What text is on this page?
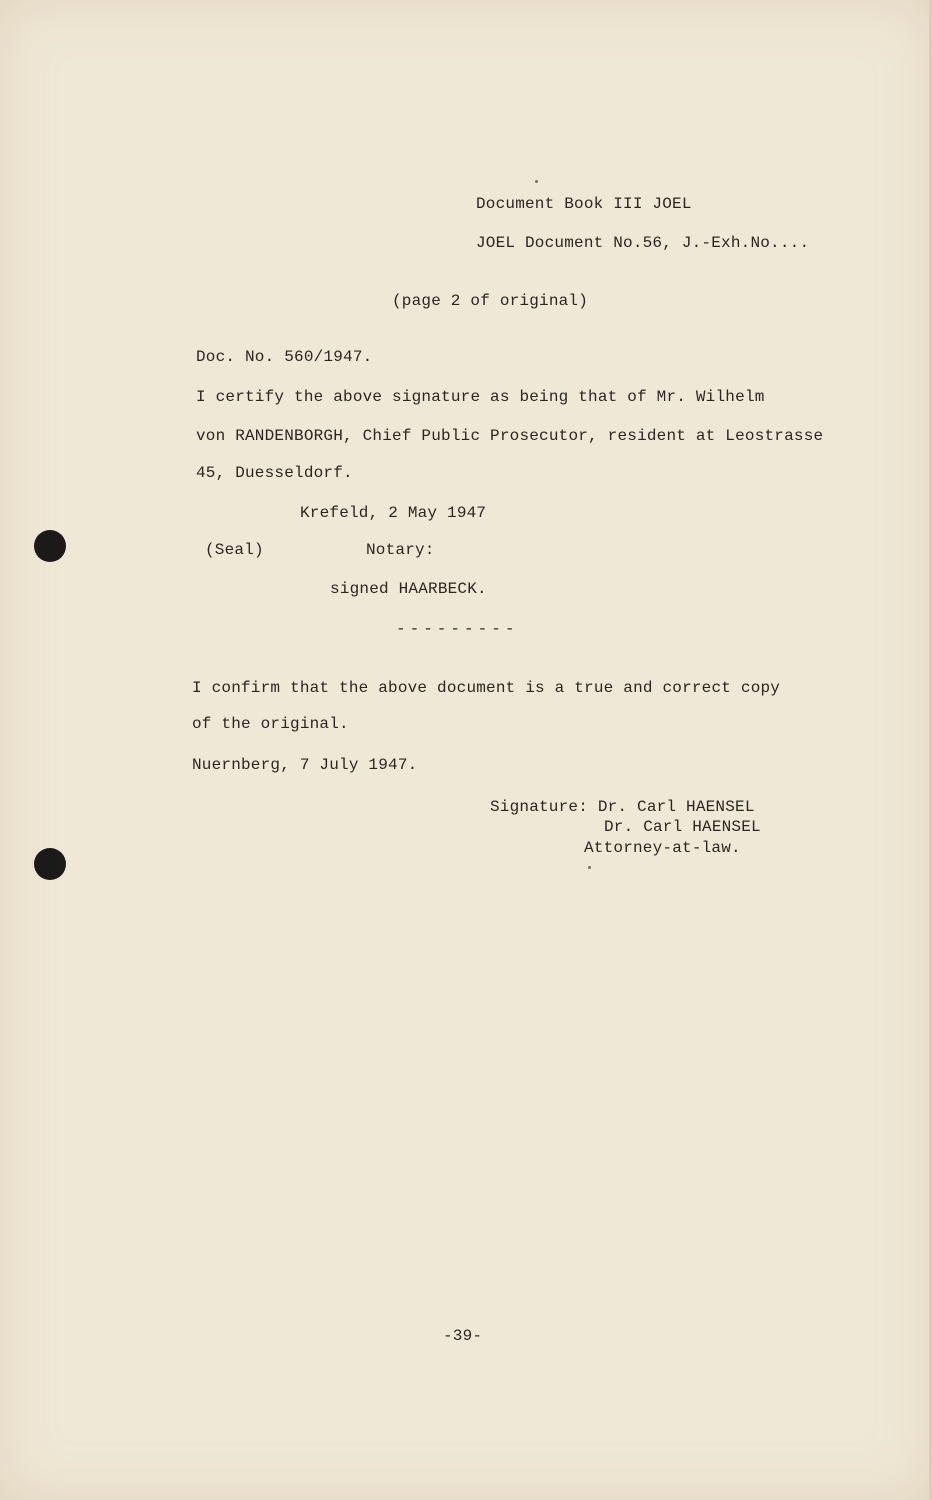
Document Book III JOEL
JOEL Document No.56, J.-Exh.No....
(page 2 of original)
Doc. No. 560/1947.
I certify the above signature as being that of Mr. Wilhelm
von RANDENBORGH, Chief Public Prosecutor, resident at Leostrasse
45, Duesseldorf.
Krefeld, 2 May 1947
(Seal)	Notary:
signed HAARBECK.
---------
I confirm that the above document is a true and correct copy
of the original.
Nuernberg, 7 July 1947.
Signature: Dr. Carl HAENSEL
Dr. Carl HAENSEL
Attorney-at-law.
-39-
